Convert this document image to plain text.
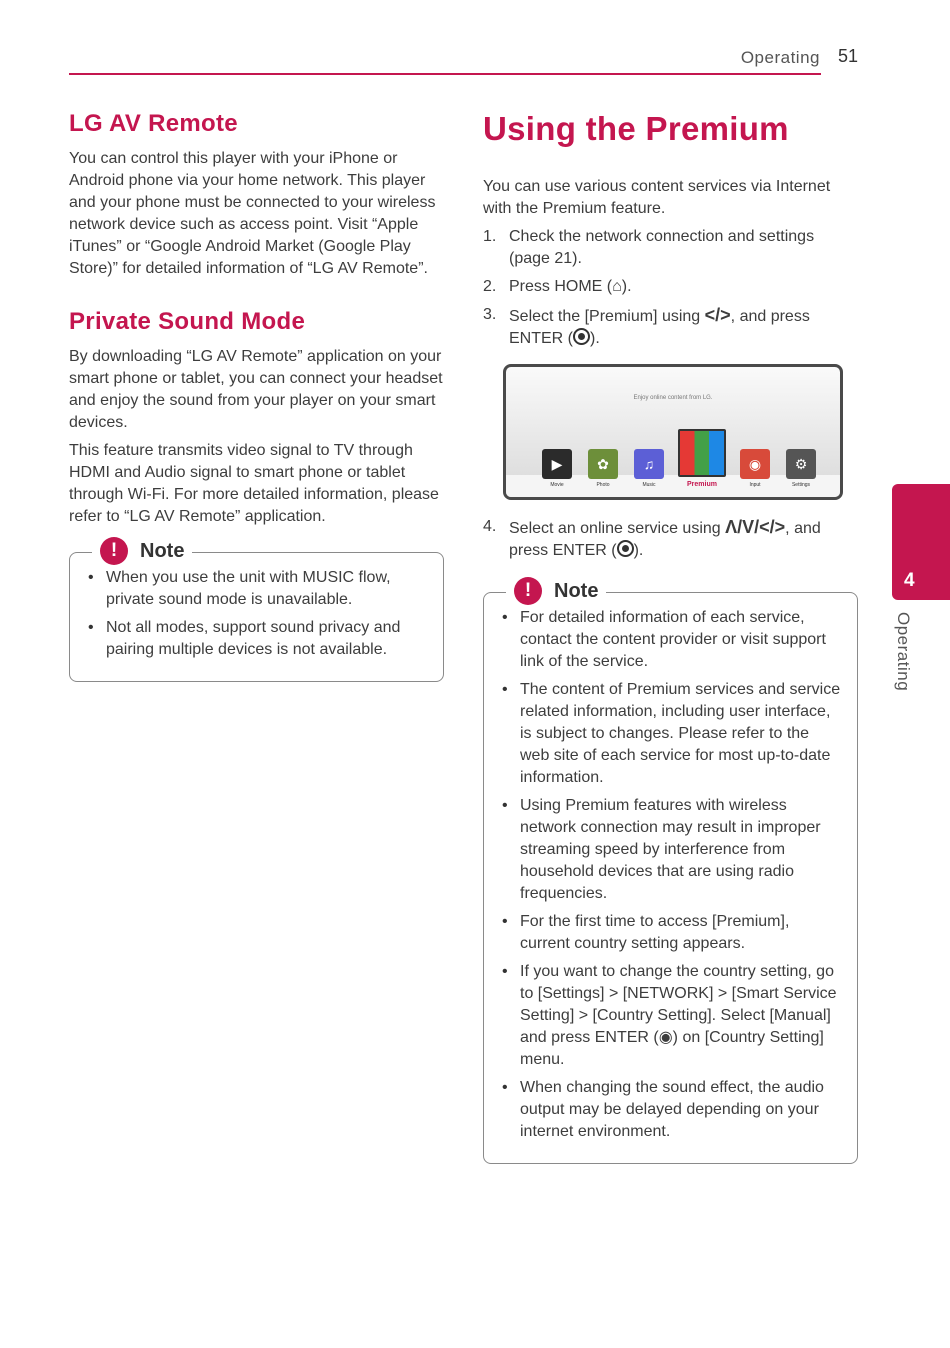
Operating 51
LG AV Remote

You can control this player with your iPhone or Android phone via your home network. This player and your phone must be connected to your wireless network device such as access point. Visit “Apple iTunes” or “Google Android Market (Google Play Store)” for detailed information of “LG AV Remote”.

Private Sound Mode

By downloading “LG AV Remote” application on your smart phone or tablet, you can connect your headset and enjoy the sound from your player on your smart devices.

This feature transmits video signal to TV through HDMI and Audio signal to smart phone or tablet through Wi-Fi. For more detailed information, please refer to “LG AV Remote” application.

!	Note
• When you use the unit with MUSIC flow, private sound mode is unavailable.
• Not all modes, support sound privacy and pairing multiple devices is not available.
Using the Premium

You can use various content services via Internet with the Premium feature.

1. Check the network connection and settings (page 21).
2. Press HOME (⌂).
3. Select the [Premium] using </>, and press ENTER ( ).
Enjoy online content from LG.
▶
Movie
✿
Photo
♫
Music	Premium
◉
Input
⚙
Settings
4. Select an online service using Λ/V/</>, and press ENTER ( ).
!	Note
• For detailed information of each service, contact the content provider or visit support link of the service.
• The content of Premium services and service related information, including user interface, is subject to changes. Please refer to the web site of each service for most up-to-date information.
• Using Premium features with wireless network connection may result in improper streaming speed by interference from household devices that are using radio frequencies.
• For the first time to access [Premium], current country setting appears.
• If you want to change the country setting, go to [Settings] > [NETWORK] > [Smart Service Setting] > [Country Setting]. Select [Manual] and press ENTER (◉) on [Country Setting] menu.
• When changing the sound effect, the audio output may be delayed depending on your internet environment.
4
Operating
